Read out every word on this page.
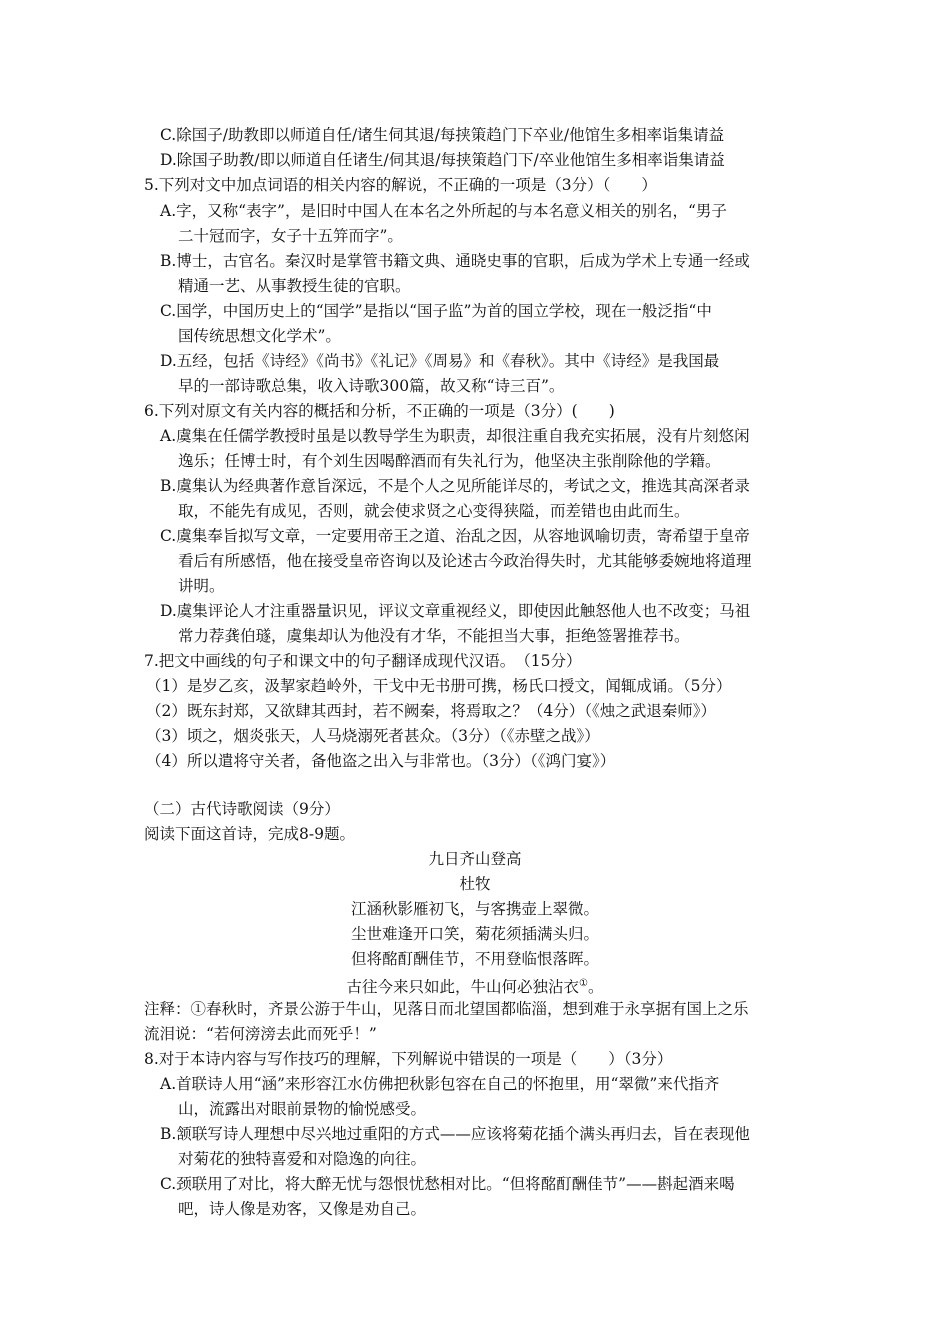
C.除国子/助教即以师道自任/诸生伺其退/每挟策趋门下卒业/他馆生多相率诣集请益
D.除国子助教/即以师道自任诸生/伺其退/每挟策趋门下/卒业他馆生多相率诣集请益
5.下列对文中加点词语的相关内容的解说，不正确的一项是（3分）（　　）
A.字，又称“表字”，是旧时中国人在本名之外所起的与本名意义相关的别名，“男子
二十冠而字，女子十五笄而字”。
B.博士，古官名。秦汉时是掌管书籍文典、通晓史事的官职，后成为学术上专通一经或
精通一艺、从事教授生徒的官职。
C.国学，中国历史上的“国学”是指以“国子监”为首的国立学校，现在一般泛指“中
国传统思想文化学术”。
D.五经，包括《诗经》《尚书》《礼记》《周易》和《春秋》。其中《诗经》是我国最
早的一部诗歌总集，收入诗歌300篇，故又称“诗三百”。
6.下列对原文有关内容的概括和分析，不正确的一项是（3分）(　　)
A.虞集在任儒学教授时虽是以教导学生为职责，却很注重自我充实拓展，没有片刻悠闲
逸乐；任博士时，有个刘生因喝醉酒而有失礼行为，他坚决主张削除他的学籍。
B.虞集认为经典著作意旨深远，不是个人之见所能详尽的，考试之文，推选其高深者录
取，不能先有成见，否则，就会使求贤之心变得狭隘，而差错也由此而生。
C.虞集奉旨拟写文章，一定要用帝王之道、治乱之因，从容地讽喻切责，寄希望于皇帝
看后有所感悟，他在接受皇帝咨询以及论述古今政治得失时，尤其能够委婉地将道理
讲明。
D.虞集评论人才注重器量识见，评议文章重视经义，即使因此触怒他人也不改变；马祖
常力荐龚伯璲，虞集却认为他没有才华，不能担当大事，拒绝签署推荐书。
7.把文中画线的句子和课文中的句子翻译成现代汉语。　（15分）
（1）是岁乙亥，汲挈家趋岭外，干戈中无书册可携，杨氏口授文，闻辄成诵。（5分）
（2）既东封郑，又欲肆其西封，若不阙秦，将焉取之？（4分）（《烛之武退秦师》）
（3）顷之，烟炎张天，人马烧溺死者甚众。（3分）（《赤壁之战》）
（4）所以遣将守关者，备他盗之出入与非常也。（3分）（《鸿门宴》）
（二）古代诗歌阅读（9分）
阅读下面这首诗，完成8-9题。
九日齐山登高
杜牧
江涵秋影雁初飞，与客携壶上翠微。
尘世难逢开口笑，菊花须插满头归。
但将酩酊酬佳节，不用登临恨落晖。
古往今来只如此，牛山何必独沾衣①。
注释：①春秋时，齐景公游于牛山，见落日而北望国都临淄，想到难于永享据有国上之乐
流泪说：“若何滂滂去此而死乎！”
8.对于本诗内容与写作技巧的理解，下列解说中错误的一项是（　　）（3分）
A.首联诗人用“涵”来形容江水仿佛把秋影包容在自己的怀抱里，用“翠微”来代指齐
山，流露出对眼前景物的愉悦感受。
B.颔联写诗人理想中尽兴地过重阳的方式——应该将菊花插个满头再归去，旨在表现他
对菊花的独特喜爱和对隐逸的向往。
C.颈联用了对比，将大醉无忧与怨恨忧愁相对比。“但将酩酊酬佳节”——斟起酒来喝
吧，诗人像是劝客，又像是劝自己。
